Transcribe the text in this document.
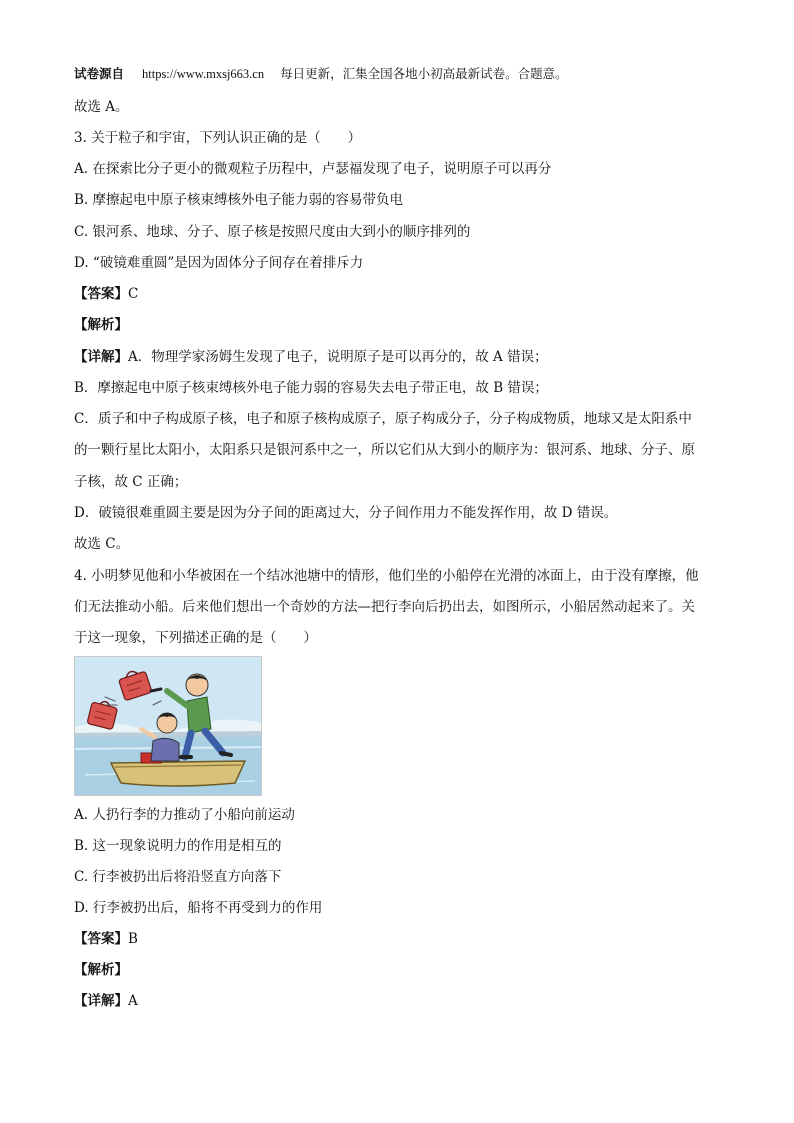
试卷源自 https://www.mxsj663.cn 每日更新，汇集全国各地小初高最新试卷。合题意。
故选 A。
3. 关于粒子和宇宙，下列认识正确的是（　　）
A. 在探索比分子更小的微观粒子历程中，卢瑟福发现了电子，说明原子可以再分
B. 摩擦起电中原子核束缚核外电子能力弱的容易带负电
C. 银河系、地球、分子、原子核是按照尺度由大到小的顺序排列的
D. “破镜难重圆”是因为固体分子间存在着排斥力
【答案】C
【解析】
【详解】A．物理学家汤姆生发现了电子，说明原子是可以再分的，故 A 错误；
B．摩擦起电中原子核束缚核外电子能力弱的容易失去电子带正电，故 B 错误；
C．质子和中子构成原子核，电子和原子核构成原子，原子构成分子，分子构成物质，地球又是太阳系中
的一颗行星比太阳小，太阳系只是银河系中之一，所以它们从大到小的顺序为：银河系、地球、分子、原
子核，故 C 正确；
D．破镜很难重圆主要是因为分子间的距离过大，分子间作用力不能发挥作用，故 D 错误。
故选 C。
4. 小明梦见他和小华被困在一个结冰池塘中的情形，他们坐的小船停在光滑的冰面上，由于没有摩擦，他
们无法推动小船。后来他们想出一个奇妙的方法—把行李向后扔出去，如图所示，小船居然动起来了。关
于这一现象，下列描述正确的是（　　）
A. 人扔行李的力推动了小船向前运动
B. 这一现象说明力的作用是相互的
C. 行李被扔出后将沿竖直方向落下
D. 行李被扔出后，船将不再受到力的作用
【答案】B
【解析】
【详解】A
